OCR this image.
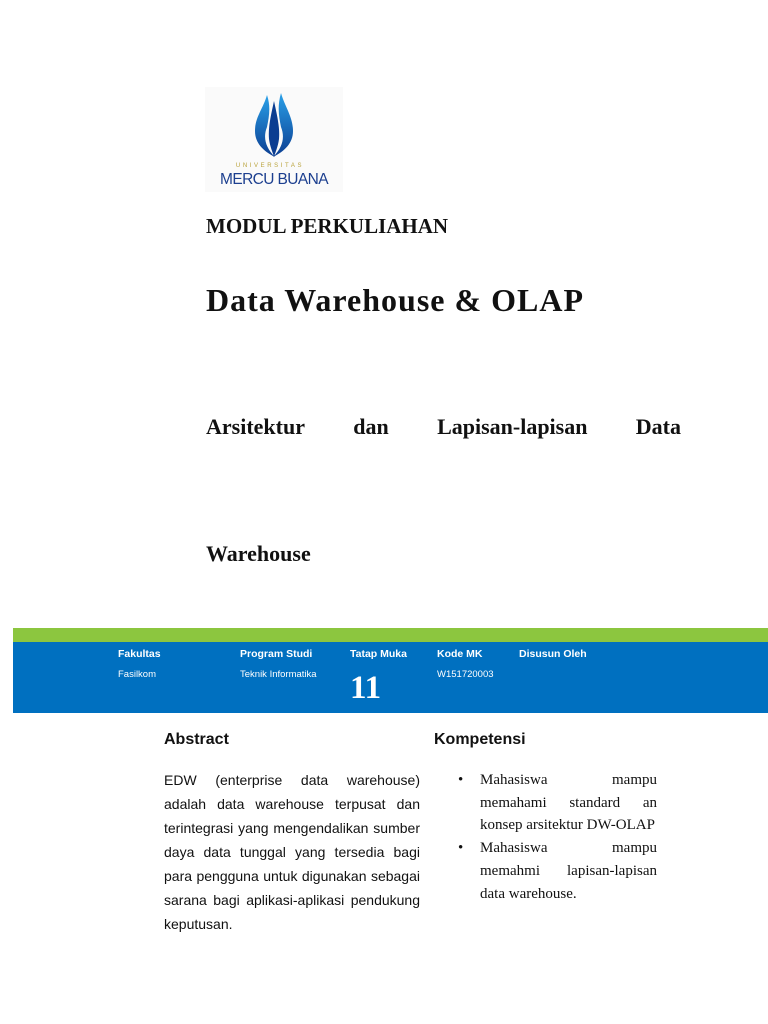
UNIVERSITAS
MERCU BUANA
MODUL PERKULIAHAN
Data Warehouse & OLAP
Arsitektur dan Lapisan-lapisan Data
Warehouse
Fakultas
Fasilkom
Program Studi
Teknik Informatika
Tatap Muka
11
Kode MK
W151720003
Disusun Oleh
Abstract

EDW (enterprise data warehouse) adalah data warehouse terpusat dan terintegrasi yang mengendalikan sumber daya data tunggal yang tersedia bagi para pengguna untuk digunakan sebagai sarana bagi aplikasi-aplikasi pendukung keputusan.

Kompetensi
• Mahasiswa mampu memahami standard an konsep arsitektur DW-OLAP
• Mahasiswa mampu memahmi lapisan-lapisan data warehouse.
